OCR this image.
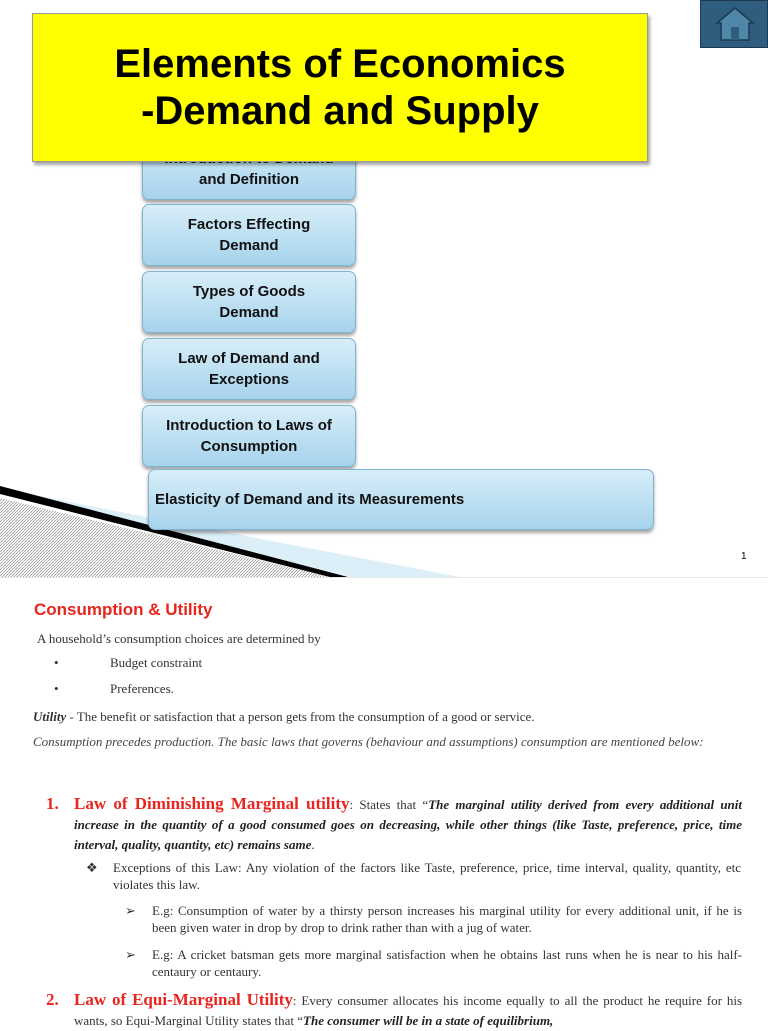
Elements of Economics
-Demand and Supply

and Definition
Factors Effecting
Demand
Types of Goods
Demand
Law of Demand and
Exceptions
Introduction to Laws of
Consumption
Elasticity of Demand and its Measurements
1
Consumption & Utility

A household’s consumption choices are determined by

•	Budget constraint
•	Preferences.

Utility - The benefit or satisfaction that a person gets from the consumption of a good or service.

Consumption precedes production. The basic laws that governs (behaviour and assumptions) consumption are mentioned below:

1. Law of Diminishing Marginal utility: States that “The marginal utility derived from every additional unit increase in the quantity of a good consumed goes on decreasing, while other things (like Taste, preference, price, time interval, quality, quantity, etc) remains same.
❖ Exceptions of this Law: Any violation of the factors like Taste, preference, price, time interval, quality, quantity, etc violates this law.
➢ E.g: Consumption of water by a thirsty person increases his marginal utility for every additional unit, if he is been given water in drop by drop to drink rather than with a jug of water.
➢ E.g: A cricket batsman gets more marginal satisfaction when he obtains last runs when he is near to his half-centaury or centaury.
2. Law of Equi-Marginal Utility: Every consumer allocates his income equally to all the product he require for his wants, so Equi-Marginal Utility states that “The consumer will be in a state of equilibrium,
